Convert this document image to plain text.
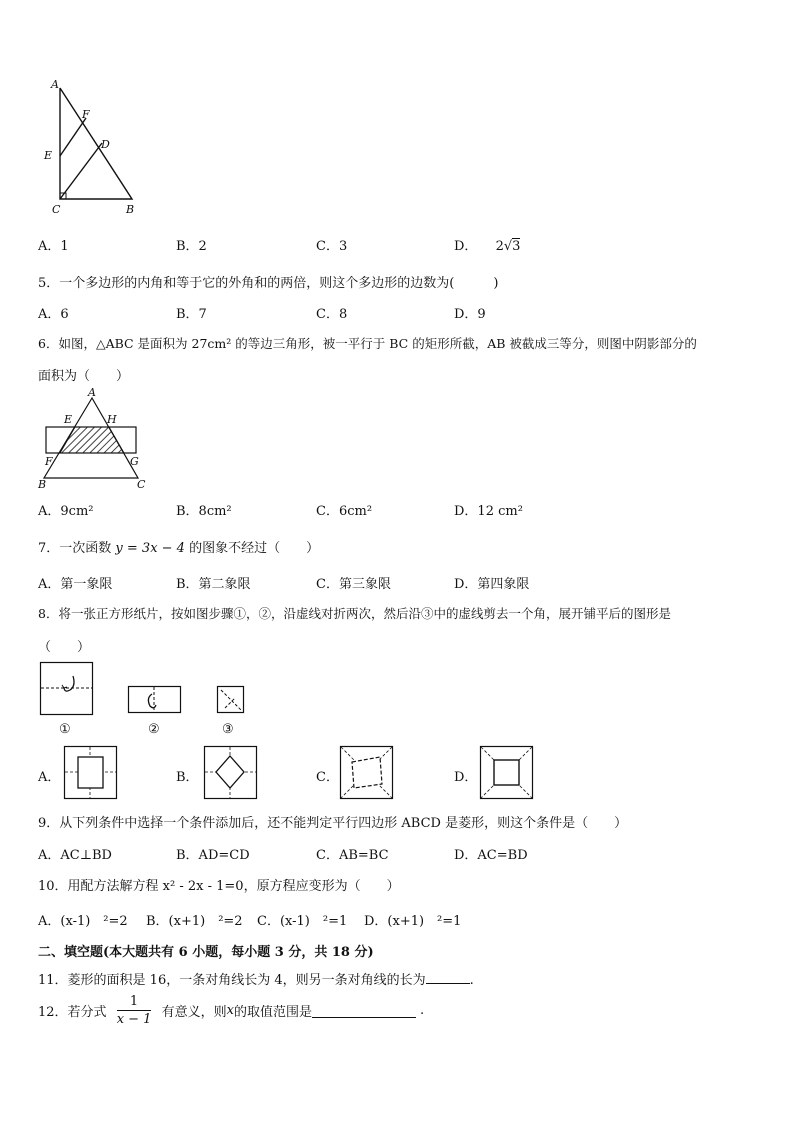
A
F
E
D
C	B
A．1	B．2	C．3	D． 2√3
5．一个多边形的内角和等于它的外角和的两倍，则这个多边形的边数为(　　　)
A．6	B．7	C．8	D．9
6．如图，△ABC 是面积为 27cm² 的等边三角形，被一平行于 BC 的矩形所截，AB 被截成三等分，则图中阴影部分的
面积为（　　）
A
E	H
F	G
B	C
A．9cm²	B．8cm²	C．6cm²	D．12 cm²
7．一次函数 y = 3x − 4 的图象不经过（　　）
A．第一象限	B．第二象限	C．第三象限	D．第四象限
8．将一张正方形纸片，按如图步骤①，②，沿虚线对折两次，然后沿③中的虚线剪去一个角，展开铺平后的图形是
（　　）
①	②	③
A．	B．	C．	D．
9．从下列条件中选择一个条件添加后，还不能判定平行四边形 ABCD 是菱形，则这个条件是（　　）
A．AC⊥BD	B．AD=CD	C．AB=BC	D．AC=BD
10．用配方法解方程 x² - 2x - 1=0，原方程应变形为（　　）
A．(x-1)　²=2 B．(x+1)　²=2 C．(x-1)　²=1 D．(x+1)　²=1
二、填空题(本大题共有 6 小题，每小题 3 分，共 18 分)
11．菱形的面积是 16，一条对角线长为 4，则另一条对角线的长为	.
12．若分式 $\frac{1}{x - 1}$ 有意义，则x的取值范围是	.
